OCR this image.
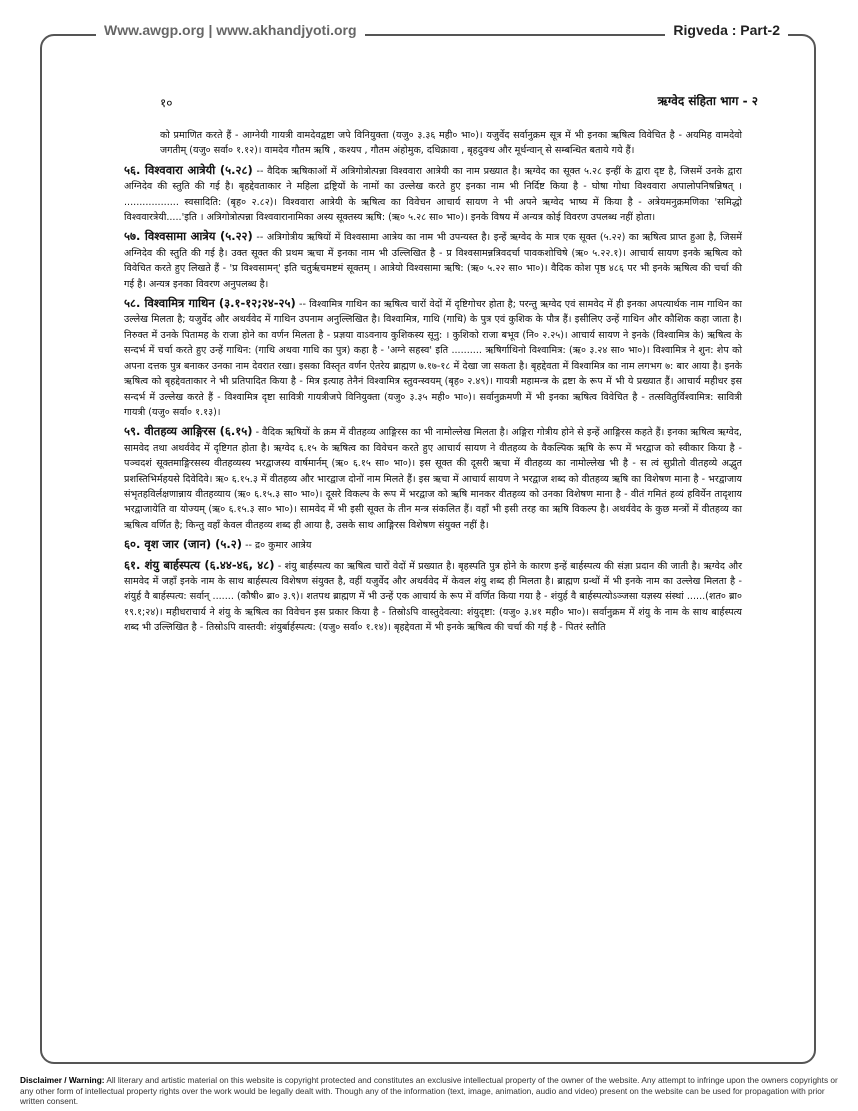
Www.awgp.org | www.akhandjyoti.org	Rigveda : Part-2
१०	ऋग्वेद संहिता भाग - २

को प्रमाणित करते हैं - आग्नेयी गायत्री वामदेवद्वष्टा जपे विनियुक्ता (यजु० ३.३६ मही० भा०)। यजुर्वेद सर्वानुक्रम सूत्र में भी इनका ऋषित्व विवेचित है - अयमिह वामदेवो जगतीम् (यजु० सर्वा० १.१२)। वामदेव गौतम ऋषि , कश्यप , गौतम अंहोमुक, दधिक्रावा , बृहदुक्थ और मूर्धन्वान् से सम्बन्धित बताये गये हैं।

५६. विश्ववारा आत्रेयी (५.२८) -- वैदिक ऋषिकाओं में अत्रिगोत्रोत्पन्ना विश्ववारा आत्रेयी का नाम प्रख्यात है। ऋग्वेद का सूक्त ५.२८ इन्हीं के द्वारा दृष्ट है, जिसमें उनके द्वारा अग्निदेव की स्तुति की गई है। बृहद्देवताकार ने महिला द्रष्ट्रियों के नामों का उल्लेख करते हुए इनका नाम भी निर्दिष्ट किया है - घोषा गोधा विश्ववारा अपालोपनिषन्निषत् । .................. स्वसादिति: (बृह० २.८२)। विश्ववारा आत्रेयी के ऋषित्व का विवेचन आचार्य सायण ने भी अपने ऋग्वेद भाष्य में किया है - अत्रेयमनुक्रमणिका 'समिद्धो विश्ववारत्रेयी.....'इति । अत्रिगोत्रोत्पन्ना विश्ववारानामिका अस्य सूक्तस्य ऋषि: (ऋ० ५.२८ सा० भा०)। इनके विषय में अन्यत्र कोई विवरण उपलब्ध नहीं होता।

५७. विश्वसामा आत्रेय (५.२२) -- अत्रिगोत्रीय ऋषियों में विश्वसामा आत्रेय का नाम भी उपन्यस्त है। इन्हें ऋग्वेद के मात्र एक सूक्त (५.२२) का ऋषित्व प्राप्त हुआ है, जिसमें अग्निदेव की स्तुति की गई है। उक्त सूक्त की प्रथम ऋचा में इनका नाम भी उल्लिखित है - प्र विश्वसामन्नत्रिवदर्चा पावकशोचिषे (ऋ० ५.२२.१)। आचार्य सायण इनके ऋषित्व को विवेचित करते हुए लिखते हैं - 'प्र विश्वसामन्' इति चतुर्ऋचमष्टमं सूक्तम् । आत्रेयो विश्वसामा ऋषि: (ऋ० ५.२२ सा० भा०)। वैदिक कोश पृष्ठ ४८६ पर भी इनके ऋषित्व की चर्चा की गई है। अन्यत्र इनका विवरण अनुपलब्ध है।

५८. विश्वामित्र गाथिन (३.१-१२;२४-२५) -- विश्वामित्र गाथिन का ऋषित्व चारों वेदों में दृष्टिगोचर होता है; परन्तु ऋग्वेद एवं सामवेद में ही इनका अपत्यार्थक नाम गाथिन का उल्लेख मिलता है; यजुर्वेद और अथर्ववेद में गाथिन उपनाम अनुल्लिखित है। विश्वामित्र, गाथि (गाधि) के पुत्र एवं कुशिक के पौत्र हैं। इसीलिए उन्हें गाथिन और कौशिक कहा जाता है। निरुक्त में उनके पितामह के राजा होने का वर्णन मिलता है - प्रज्ञया वाऽवनाय कुशिकस्य सूनु: । कुशिको राजा बभूव (नि० २.२५)। आचार्य सायण ने इनके (विश्वामित्र के) ऋषित्व के सन्दर्भ में चर्चा करते हुए उन्हें गाथिन: (गाथि अथवा गाधि का पुत्र) कहा है - 'अग्ने सहस्व' इति .......... ऋषिर्गाथिनो विश्वामित्र: (ऋ० ३.२४ सा० भा०)। विश्वामित्र ने शुन: शेप को अपना दत्तक पुत्र बनाकर उनका नाम देवरात रखा। इसका विस्तृत वर्णन ऐतरेय ब्राह्मण ७.१७-१८ में देखा जा सकता है। बृहद्देवता में विश्वामित्र का नाम लगभग ७: बार आया है। इनके ऋषित्व को बृहद्देवताकार ने भी प्रतिपादित किया है - मित्र इत्याह तेनैनं विश्वामित्र स्तुवन्स्वयम् (बृह० २.४९)। गायत्री महामन्त्र के द्रष्टा के रूप में भी ये प्रख्यात हैं। आचार्य महीधर इस सन्दर्भ में उल्लेख करते हैं - विश्वामित्र दृष्टा सावित्री गायत्रीजपे विनियुक्ता (यजु० ३.३५ मही० भा०)। सर्वानुक्रमणी में भी इनका ऋषित्व विवेचित है - तत्सवितुर्विश्वामित्र: सावित्री गायत्री (यजु० सर्वा० १.१३)।

५९. वीतहव्य आङ्गिरस (६.१५) - वैदिक ऋषियों के क्रम में वीतहव्य आङ्गिरस का भी नामोल्लेख मिलता है। अङ्गिरा गोत्रीय होने से इन्हें आङ्गिरस कहते हैं। इनका ऋषित्व ऋग्वेद, सामवेद तथा अथर्ववेद में दृष्टिगत होता है। ऋग्वेद ६.१५ के ऋषित्व का विवेचन करते हुए आचार्य सायण ने वीतहव्य के वैकल्पिक ऋषि के रूप में भरद्वाज को स्वीकार किया है - पञ्चदशं सूक्तमाङ्गिरसस्य वीतहव्यस्य भरद्वाजस्य वार्षमार्नम् (ऋ० ६.१५ सा० भा०)। इस सूक्त की दूसरी ऋचा में वीतहव्य का नामोल्लेख भी है - स त्वं सुप्रीतो वीतहव्ये अद्भुत प्रशस्तिभिर्महयसे दिवेदिवे। ऋ० ६.१५.३ में वीतहव्य और भारद्वाज दोनों नाम मिलते हैं। इस ऋचा में आचार्य सायण ने भरद्वाज शब्द को वीतहव्य ऋषि का विशेषण माना है - भरद्वाजाय संभृतहविर्लक्षणान्नाय वीतहव्याय (ऋ० ६.१५.३ सा० भा०)। दूसरे विकल्प के रूप में भरद्वाज को ऋषि मानकर वीतहव्य को उनका विशेषण माना है - वीतं गमितं हव्यं हविर्येन तादृशाय भरद्वाजायेति वा योज्यम् (ऋ० ६.१५.३ सा० भा०)। सामवेद में भी इसी सूक्त के तीन मन्त्र संकलित हैं। वहाँ भी इसी तरह का ऋषि विकल्प है। अथर्ववेद के कुछ मन्त्रों में वीतहव्य का ऋषित्व वर्णित है; किन्तु वहाँ केवल वीतहव्य शब्द ही आया है, उसके साथ आङ्गिरस विशेषण संयुक्त नहीं है।

६०. वृश जार (जान) (५.२) -- द्र० कुमार आत्रेय

६१. शंयु बार्हस्पत्य (६.४४-४६, ४८) - शंयु बार्हस्पत्य का ऋषित्व चारों वेदों में प्रख्यात है। बृहस्पति पुत्र होने के कारण इन्हें बार्हस्पत्य की संज्ञा प्रदान की जाती है। ऋग्वेद और सामवेद में जहाँ इनके नाम के साथ बार्हस्पत्य विशेषण संयुक्त है, वहीं यजुर्वेद और अथर्ववेद में केवल शंयु शब्द ही मिलता है। ब्राह्मण ग्रन्थों में भी इनके नाम का उल्लेख मिलता है - शंयुर्ह वै बार्हस्पत्य: सर्वान् ....... (कौषी० ब्रा० ३.९)। शतपथ ब्राह्मण में भी उन्हें एक आचार्य के रूप में वर्णित किया गया है - शंयुर्ह वै बार्हस्पत्योऽञ्जसा यज्ञस्य संस्थां ......(शत० ब्रा० १९.१;२४)। महीधराचार्य ने शंयु के ऋषित्व का विवेचन इस प्रकार किया है - तिस्रोऽपि वास्तुदेवत्या: शंयुदृष्टा: (यजु० ३.४१ मही० भा०)। सर्वानुक्रम में शंयु के नाम के साथ बार्हस्पत्य शब्द भी उल्लिखित है - तिस्रोऽपि वास्तवी: शंयुर्बार्हस्पत्य: (यजु० सर्वा० १.१४)। बृहद्देवता में भी इनके ऋषित्व की चर्चा की गई है - पितरं स्तौति

Disclaimer / Warning: All literary and artistic material on this website is copyright protected and constitutes an exclusive intellectual property of the owner of the website. Any attempt to infringe upon the owners copyrights or any other form of intellectual property rights over the work would be legally dealt with. Though any of the information (text, image, animation, audio and video) present on the website can be used for propagation with prior written consent.
